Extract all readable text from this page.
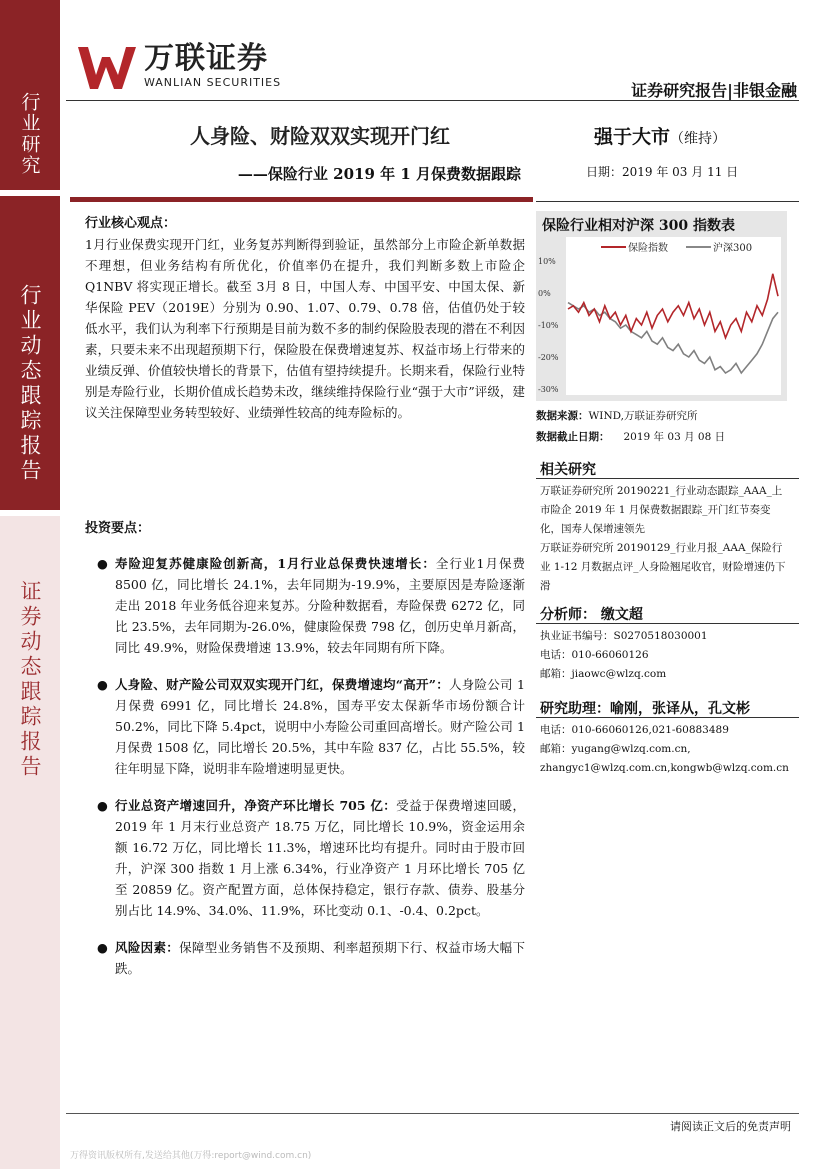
行业研究
行业动态跟踪报告
证券动态跟踪报告
万联证券
WANLIAN SECURITIES	证券研究报告|非银金融
人身险、财险双双实现开门红
——保险行业 2019 年 1 月保费数据跟踪
强于大市（维持）
日期：2019 年 03 月 11 日
行业核心观点：
1月行业保费实现开门红，业务复苏判断得到验证，虽然部分上市险企新单数据不理想，但业务结构有所优化，价值率仍在提升，我们判断多数上市险企 Q1NBV 将实现正增长。截至 3月 8 日，中国人寿、中国平安、中国太保、新华保险 PEV（2019E）分别为 0.90、1.07、0.79、0.78 倍，估值仍处于较低水平，我们认为利率下行预期是目前为数不多的制约保险股表现的潜在不利因素，只要未来不出现超预期下行，保险股在保费增速复苏、权益市场上行带来的业绩反弹、价值较快增长的背景下，估值有望持续提升。长期来看，保险行业特别是寿险行业，长期价值成长趋势未改，继续维持保险行业“强于大市”评级，建议关注保障型业务转型较好、业绩弹性较高的纯寿险标的。
投资要点：
● 寿险迎复苏健康险创新高，1月行业总保费快速增长：全行业1月保费 8500 亿，同比增长 24.1%，去年同期为-19.9%，主要原因是寿险逐渐走出 2018 年业务低谷迎来复苏。分险种数据看，寿险保费 6272 亿，同比 23.5%，去年同期为-26.0%，健康险保费 798 亿，创历史单月新高，同比 49.9%，财险保费增速 13.9%，较去年同期有所下降。
● 人身险、财产险公司双双实现开门红，保费增速均“高开”：人身险公司 1 月保费 6991 亿，同比增长 24.8%，国寿平安太保新华市场份额合计 50.2%，同比下降 5.4pct，说明中小寿险公司重回高增长。财产险公司 1 月保费 1508 亿，同比增长 20.5%，其中车险 837 亿，占比 55.5%，较往年明显下降，说明非车险增速明显更快。
● 行业总资产增速回升，净资产环比增长 705 亿：受益于保费增速回暖，2019 年 1 月末行业总资产 18.75 万亿，同比增长 10.9%，资金运用余额 16.72 万亿，同比增长 11.3%，增速环比均有提升。同时由于股市回升，沪深 300 指数 1 月上涨 6.34%，行业净资产 1 月环比增长 705 亿至 20859 亿。资产配置方面，总体保持稳定，银行存款、债券、股基分别占比 14.9%、34.0%、11.9%，环比变动 0.1、-0.4、0.2pct。
● 风险因素：保障型业务销售不及预期、利率超预期下行、权益市场大幅下跌。
10%
0%
-10%
-20%
-30%
保险指数	沪深300
保险行业相对沪深 300 指数表
数据来源：WIND,万联证券研究所
数据截止日期： 2019 年 03 月 08 日
相关研究
万联证券研究所 20190221_行业动态跟踪_AAA_上市险企 2019 年 1 月保费数据跟踪_开门红节奏变化，国寿人保增速领先
万联证券研究所 20190129_行业月报_AAA_保险行业 1-12 月数据点评_人身险翘尾收官，财险增速仍下滑
分析师： 缴文超
执业证书编号：S0270518030001
电话：010-66060126
邮箱：jiaowc@wlzq.com
研究助理：喻刚，张译从，孔文彬
电话：010-66060126,021-60883489
邮箱：yugang@wlzq.com.cn,
zhangyc1@wlzq.com.cn,kongwb@wlzq.com.cn
请阅读正文后的免责声明
万得资讯版权所有,发送给其他(万得:report@wind.com.cn)
